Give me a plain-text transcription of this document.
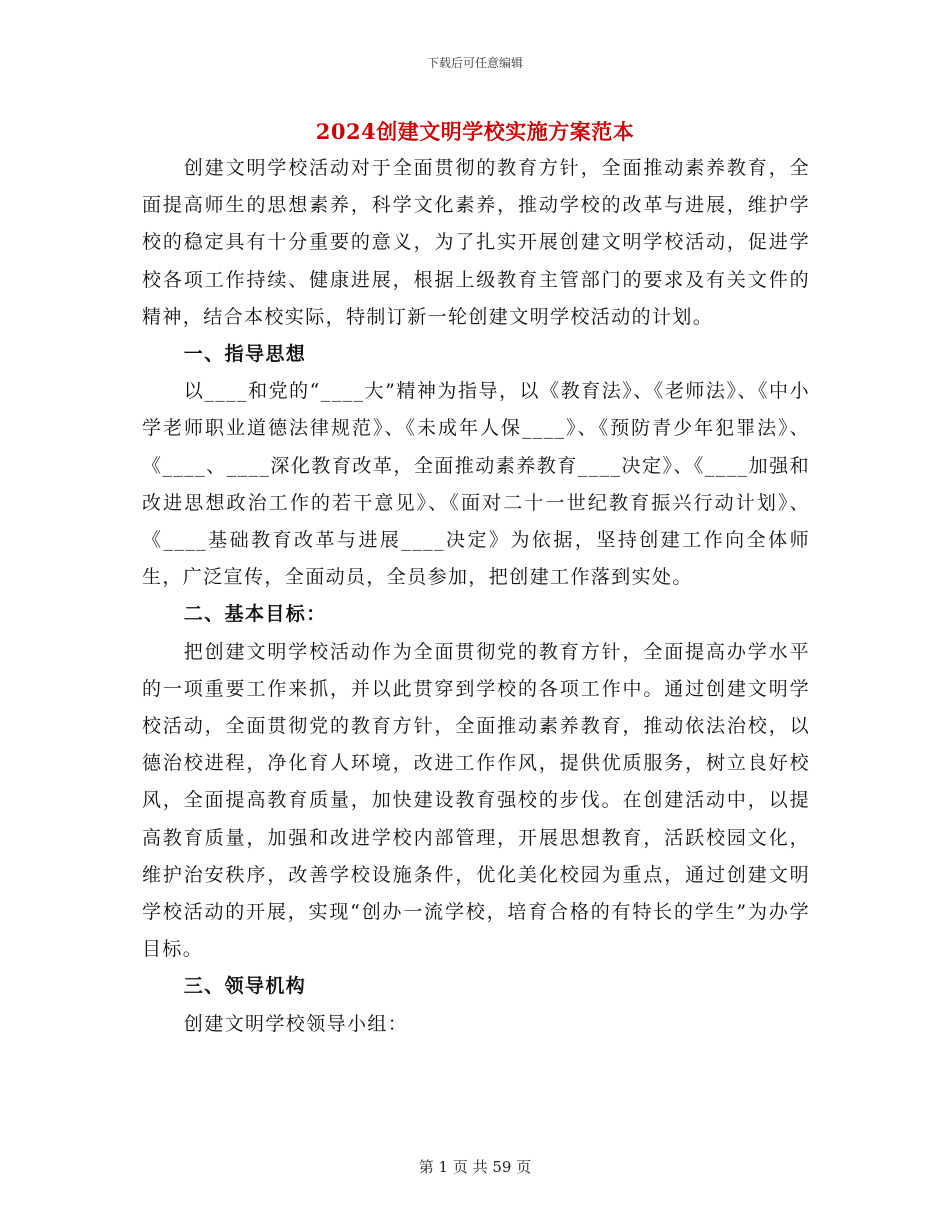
下载后可任意编辑
2024创建文明学校实施方案范本

创建文明学校活动对于全面贯彻的教育方针，全面推动素养教育，全面提高师生的思想素养，科学文化素养，推动学校的改革与进展，维护学校的稳定具有十分重要的意义，为了扎实开展创建文明学校活动，促进学校各项工作持续、健康进展，根据上级教育主管部门的要求及有关文件的精神，结合本校实际，特制订新一轮创建文明学校活动的计划。

一、指导思想

以____和党的“____大”精神为指导，以《教育法》、《老师法》、《中小学老师职业道德法律规范》、《未成年人保____》、《预防青少年犯罪法》、《____、____深化教育改革，全面推动素养教育____决定》、《____加强和改进思想政治工作的若干意见》、《面对二十一世纪教育振兴行动计划》、《____基础教育改革与进展____决定》为依据，坚持创建工作向全体师生，广泛宣传，全面动员，全员参加，把创建工作落到实处。

二、基本目标：

把创建文明学校活动作为全面贯彻党的教育方针，全面提高办学水平的一项重要工作来抓，并以此贯穿到学校的各项工作中。通过创建文明学校活动，全面贯彻党的教育方针，全面推动素养教育，推动依法治校，以德治校进程，净化育人环境，改进工作作风，提供优质服务，树立良好校风，全面提高教育质量，加快建设教育强校的步伐。在创建活动中，以提高教育质量，加强和改进学校内部管理，开展思想教育，活跃校园文化，维护治安秩序，改善学校设施条件，优化美化校园为重点，通过创建文明学校活动的开展，实现“创办一流学校，培育合格的有特长的学生”为办学目标。

三、领导机构

创建文明学校领导小组：

第 1 页 共 59 页
